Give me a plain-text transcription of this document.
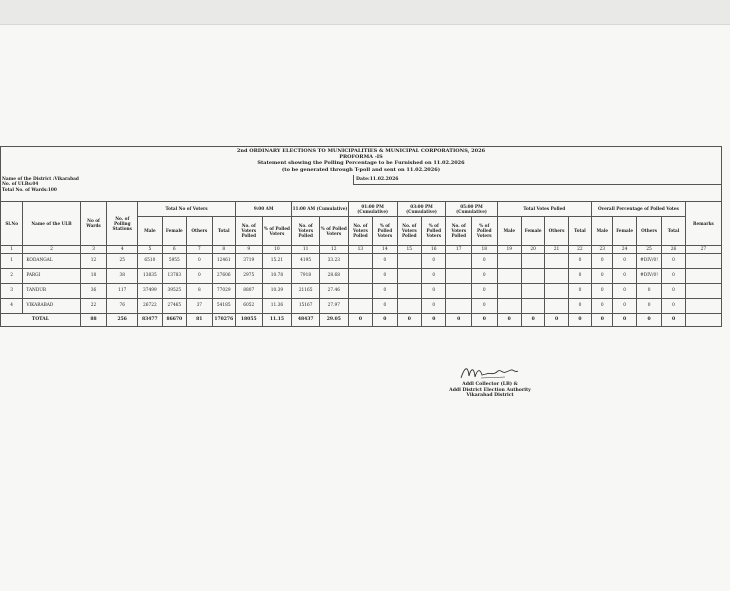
2nd ORDINARY ELECTIONS TO MUNICIPALITIES & MUNICIPAL CORPORATIONS, 2026
PROFORMA -IS
Statement showing the Polling Percentage to be Furnished on 11.02.2026
(to be generated through T-poll and sent on 11.02.2026)
Name of the District :Vikarabad
No. of ULBs:04
Total No. of Wards:100
Date:11.02.2026
Sl.No	Name of the ULB	No of Wards	No. of Polling Stations	Total No of Voters				9:00 AM		11:00 AM (Cumulative)		01:00 PM (Cumulative)		03:00 PM (Cumulative)		05:00 PM (Cumulative)		Total Votes Polled				Overall Percentage of Polled Votes				Remarks
				Male	Female	Others	Total	No. of Voters Polled	% of Polled Voters	No. of Voters Polled	% of Polled Voters	No. of Voters Polled	% of Polled Voters	No. of Voters Polled	% of Polled Voters	No. of Voters Polled	% of Polled Voters	Male	Female	Others	Total	Male	Female	Others	Total	
1	2	3	4	5	6	7	8	9	10	11	12	13	14	15	16	17	18	19	20	21	22	23	24	25	26	27
1	KODANGAL	12	25	6510	5955	0	12461	3719	15.21	4195	33.23		0		0		0				0	0	0	#DIV/0!	0	
2	PARGI	18	38	13835	13783	0	27606	2975	10.78	7918	28.68		0		0		0				0	0	0	#DIV/0!	0	
3	TANDUR	36	117	37499	39525	8	77029	8807	10.39	21165	27.46		0		0		0				0	0	0	0	0	
4	VIKARABAD	22	76	26722	27465	37	54185	6052	11.36	15167	27.97		0		0		0				0	0	0	0	0	
TOTAL		88	256	83477	86670	81	170276	18055	11.15	48437	29.05	0	0	0	0	0	0	0	0	0	0	0	0	0	0	
Addl Collector (LB) &
Addl District Election Authority
Vikarabad District
